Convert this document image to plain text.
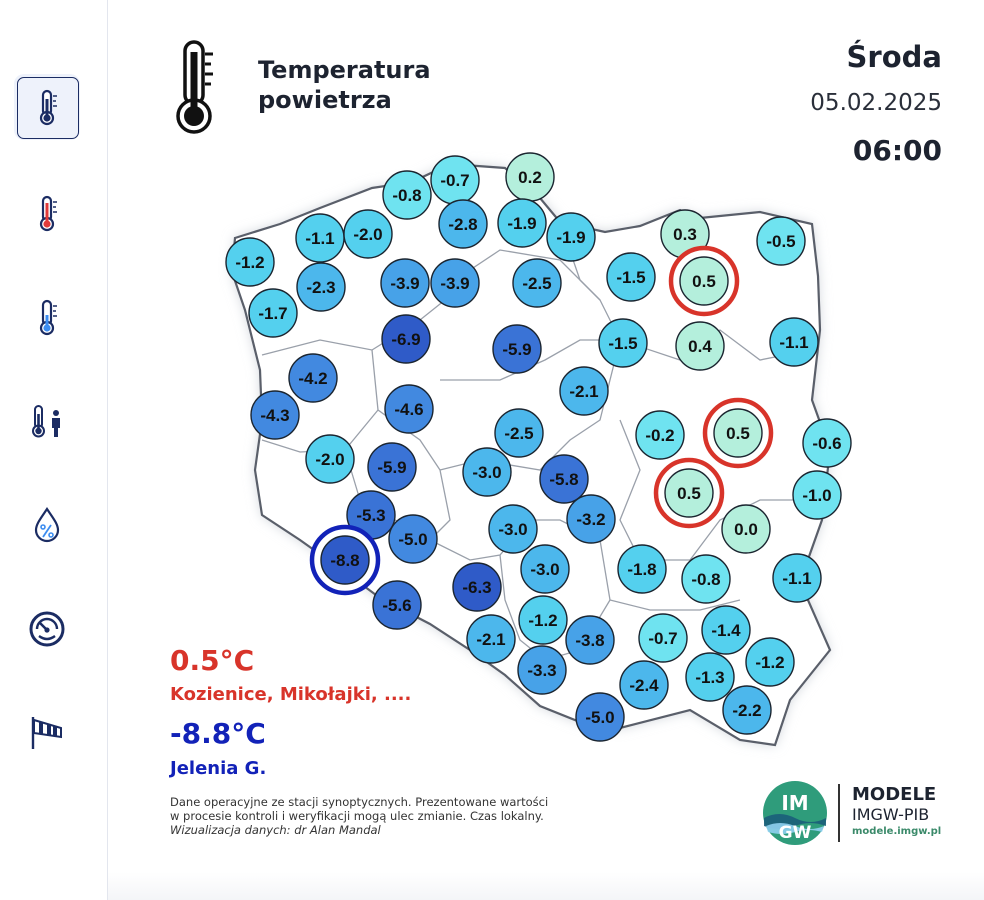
Temperatura
powietrza
Środa
05.02.2025
06:00
0.2
-0.7
-0.8
-2.8 -1.9
-1.9
-1.1 -2.0
-1.2
-2.3
-1.7
-3.9 -3.9	-2.5	-1.5
0.3	-0.5
0.5
-6.9
-5.9	-1.5	0.4	-1.1
-4.2
-2.1
-4.3	-4.6
-2.5	-0.2	0.5
-0.6
-2.0 -5.9	-3.0	-5.8
0.5	-1.0
-5.3	-3.2
0.0
-5.0
-3.0
-8.8	-3.0	-1.8
-0.8	-1.1
-6.3
-5.6
-1.2
-1.4
-2.1	-3.8	-0.7
-1.2
-3.3
-2.4 -1.3
-2.2
-5.0
0.5°C
Kozienice, Mikołajki, ....
-8.8°C
Jelenia G.
Dane operacyjne ze stacji synoptycznych. Prezentowane wartości
w procesie kontroli i weryfikacji mogą ulec zmianie. Czas lokalny.
Wizualizacja danych: dr Alan Mandal
IM
GW
MODELE
IMGW-PIB
modele.imgw.pl
